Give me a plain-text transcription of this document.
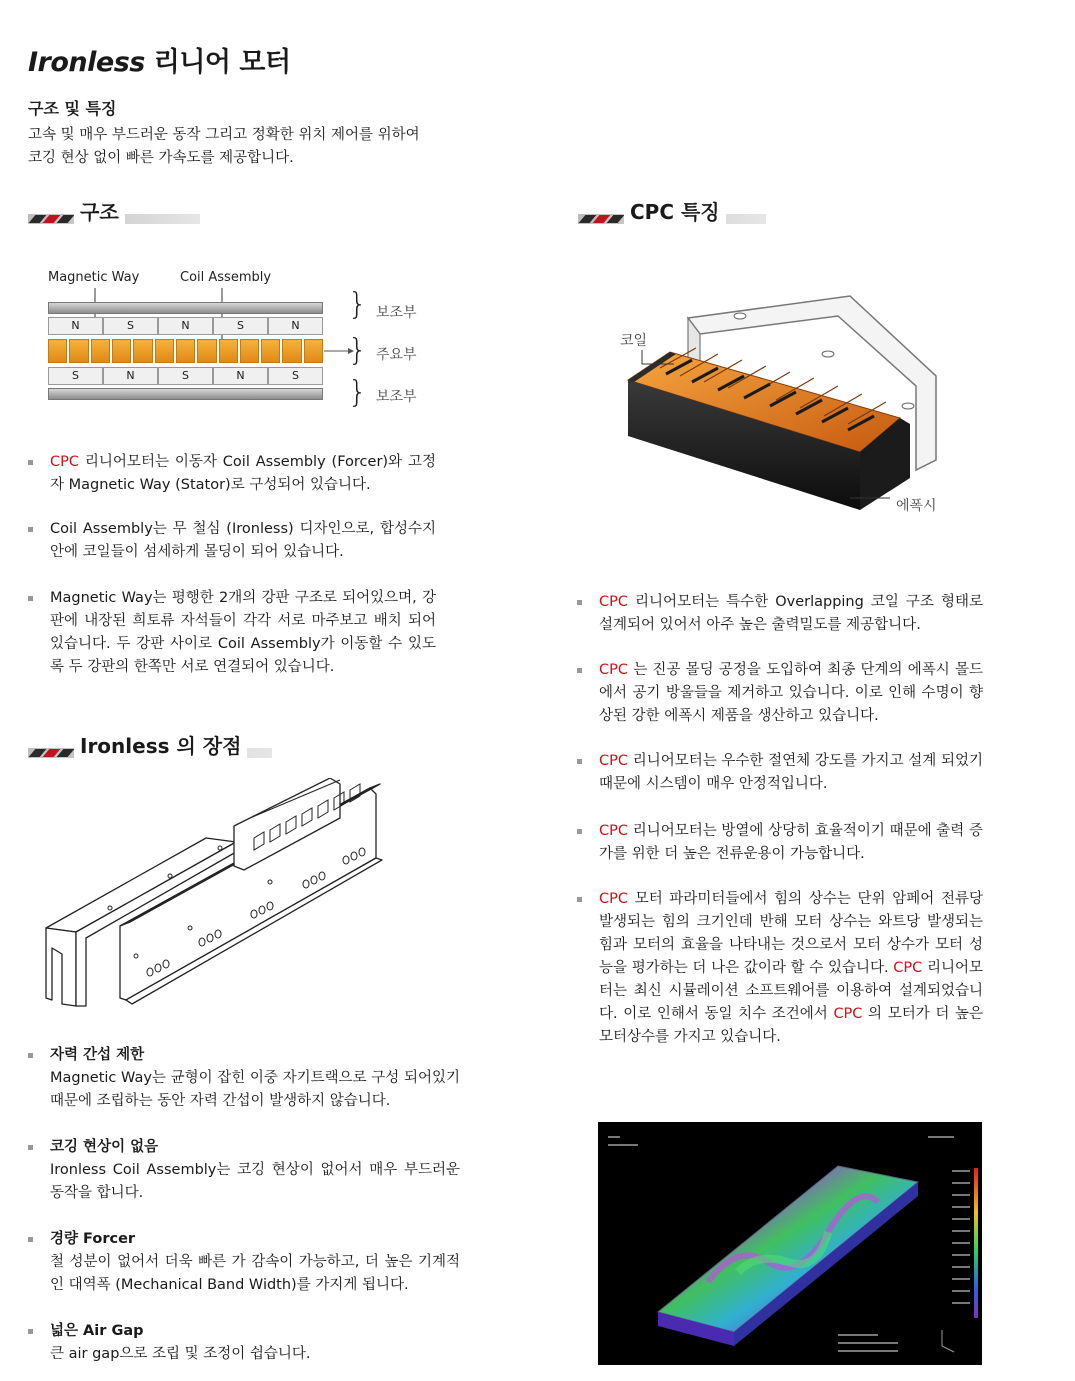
Ironless 리니어 모터
구조 및 특징
고속 및 매우 부드러운 동작 그리고 정확한 위치 제어를 위하여
코깅 현상 없이 빠른 가속도를 제공합니다.
구조	CPC 특징
Magnetic Way	Coil Assembly
N	S	N	S	N
S	N	S	N	S
}
}
}
보조부
주요부
보조부
CPC 리니어모터는 이동자 Coil Assembly (Forcer)와 고정자 Magnetic Way (Stator)로 구성되어 있습니다.
Coil Assembly는 무 철심 (Ironless) 디자인으로, 합성수지 안에 코일들이 섬세하게 몰딩이 되어 있습니다.
Magnetic Way는 평행한 2개의 강판 구조로 되어있으며, 강판에 내장된 희토류 자석들이 각각 서로 마주보고 배치 되어 있습니다. 두 강판 사이로 Coil Assembly가 이동할 수 있도록 두 강판의 한쪽만 서로 연결되어 있습니다.
코일
에폭시
CPC 리니어모터는 특수한 Overlapping 코일 구조 형태로 설계되어 있어서 아주 높은 출력밀도를 제공합니다.
CPC 는 진공 몰딩 공정을 도입하여 최종 단계의 에폭시 몰드에서 공기 방울들을 제거하고 있습니다. 이로 인해 수명이 향상된 강한 에폭시 제품을 생산하고 있습니다.
CPC 리니어모터는 우수한 절연체 강도를 가지고 설계 되었기 때문에 시스템이 매우 안정적입니다.
CPC 리니어모터는 방열에 상당히 효율적이기 때문에 출력 증가를 위한 더 높은 전류운용이 가능합니다.
CPC 모터 파라미터들에서 힘의 상수는 단위 암페어 전류당 발생되는 힘의 크기인데 반해 모터 상수는 와트당 발생되는 힘과 모터의 효율을 나타내는 것으로서 모터 상수가 모터 성능을 평가하는 더 나은 값이라 할 수 있습니다. CPC 리니어모터는 최신 시뮬레이션 소프트웨어를 이용하여 설계되었습니다. 이로 인해서 동일 치수 조건에서 CPC 의 모터가 더 높은 모터상수를 가지고 있습니다.
Ironless 의 장점
자력 간섭 제한
Magnetic Way는 균형이 잡힌 이중 자기트랙으로 구성 되어있기 때문에 조립하는 동안 자력 간섭이 발생하지 않습니다.
코깅 현상이 없음
Ironless Coil Assembly는 코깅 현상이 없어서 매우 부드러운 동작을 합니다.
경량 Forcer
철 성분이 없어서 더욱 빠른 가 감속이 가능하고, 더 높은 기계적인 대역폭 (Mechanical Band Width)를 가지게 됩니다.
넓은 Air Gap
큰 air gap으로 조립 및 조정이 쉽습니다.
